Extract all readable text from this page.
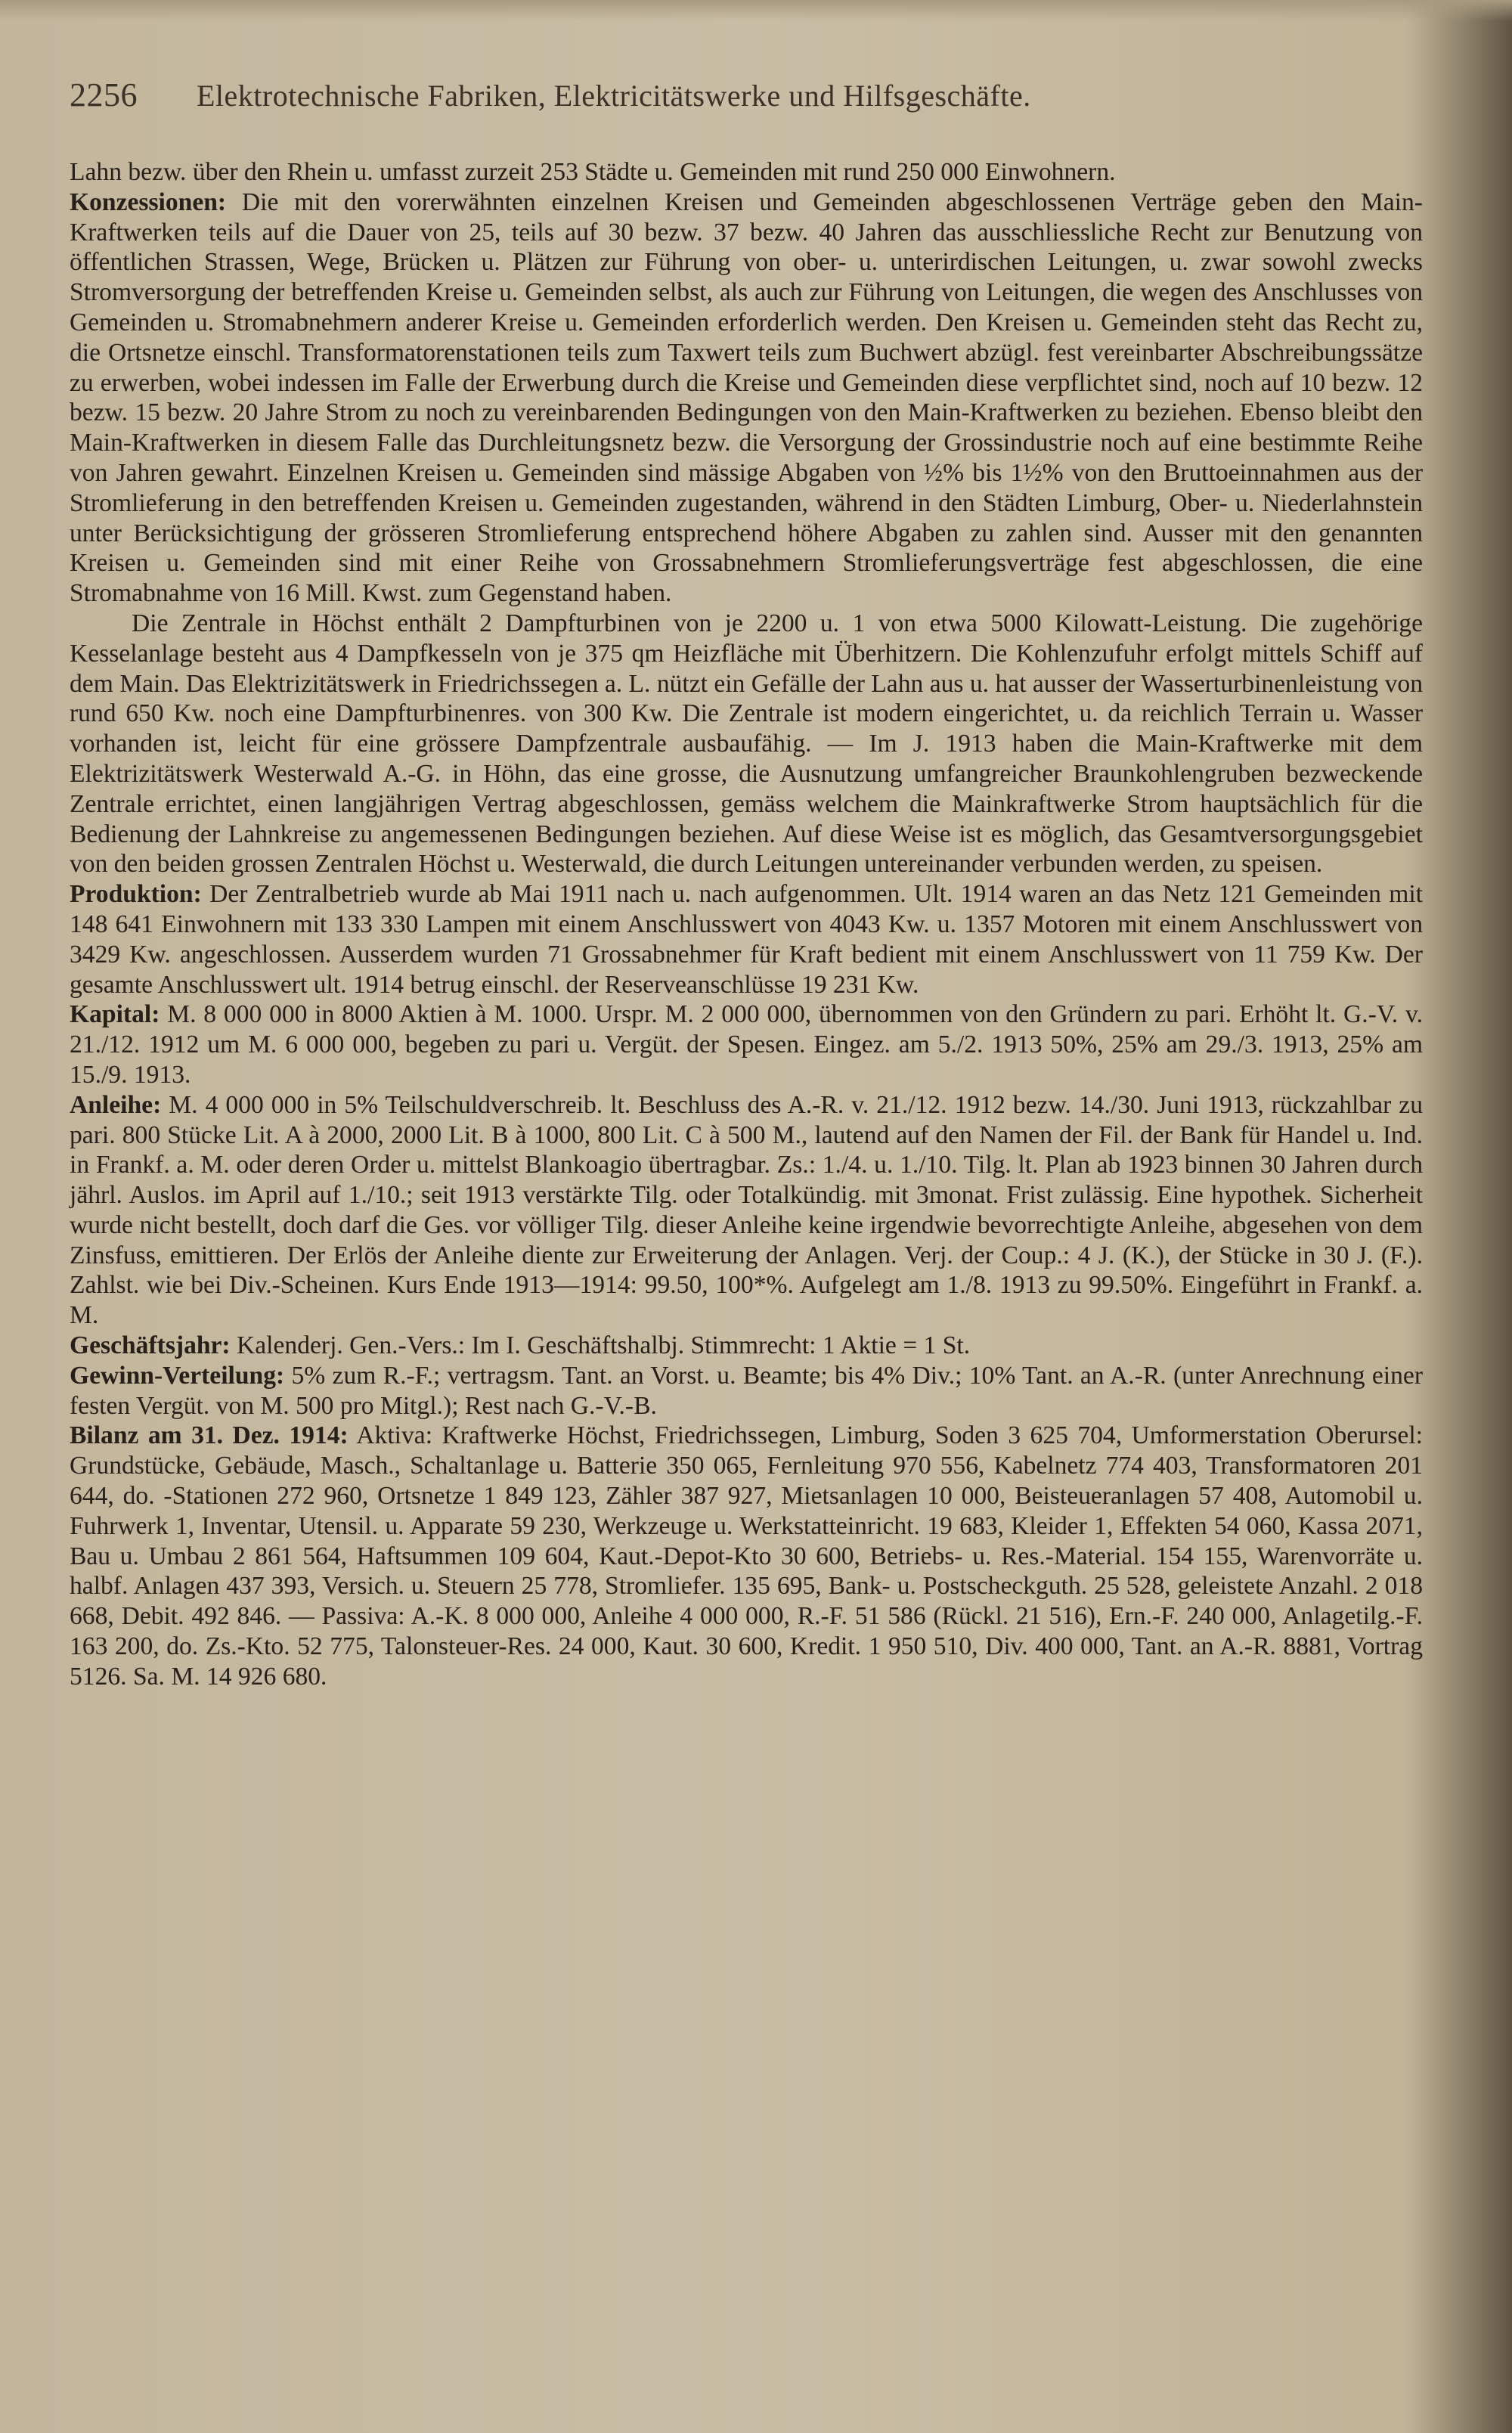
2256 Elektrotechnische Fabriken, Elektricitätswerke und Hilfsgeschäfte.

Lahn bezw. über den Rhein u. umfasst zurzeit 253 Städte u. Gemeinden mit rund 250 000 Einwohnern.

Konzessionen: Die mit den vorerwähnten einzelnen Kreisen und Gemeinden abgeschlossenen Verträge geben den Main-Kraftwerken teils auf die Dauer von 25, teils auf 30 bezw. 37 bezw. 40 Jahren das ausschliessliche Recht zur Benutzung von öffentlichen Strassen, Wege, Brücken u. Plätzen zur Führung von ober- u. unterirdischen Leitungen, u. zwar sowohl zwecks Stromversorgung der betreffenden Kreise u. Gemeinden selbst, als auch zur Führung von Leitungen, die wegen des Anschlusses von Gemeinden u. Stromabnehmern anderer Kreise u. Gemeinden erforderlich werden. Den Kreisen u. Gemeinden steht das Recht zu, die Ortsnetze einschl. Transformatorenstationen teils zum Taxwert teils zum Buchwert abzügl. fest vereinbarter Abschreibungssätze zu erwerben, wobei indessen im Falle der Erwerbung durch die Kreise und Gemeinden diese verpflichtet sind, noch auf 10 bezw. 12 bezw. 15 bezw. 20 Jahre Strom zu noch zu vereinbarenden Bedingungen von den Main-Kraftwerken zu beziehen. Ebenso bleibt den Main-Kraftwerken in diesem Falle das Durchleitungsnetz bezw. die Versorgung der Grossindustrie noch auf eine bestimmte Reihe von Jahren gewahrt. Einzelnen Kreisen u. Gemeinden sind mässige Abgaben von ½% bis 1½% von den Bruttoeinnahmen aus der Stromlieferung in den betreffenden Kreisen u. Gemeinden zugestanden, während in den Städten Limburg, Ober- u. Niederlahnstein unter Berücksichtigung der grösseren Stromlieferung entsprechend höhere Abgaben zu zahlen sind. Ausser mit den genannten Kreisen u. Gemeinden sind mit einer Reihe von Grossabnehmern Stromlieferungsverträge fest abgeschlossen, die eine Stromabnahme von 16 Mill. Kwst. zum Gegenstand haben.

Die Zentrale in Höchst enthält 2 Dampfturbinen von je 2200 u. 1 von etwa 5000 Kilowatt-Leistung. Die zugehörige Kesselanlage besteht aus 4 Dampfkesseln von je 375 qm Heizfläche mit Überhitzern. Die Kohlenzufuhr erfolgt mittels Schiff auf dem Main. Das Elektrizitätswerk in Friedrichssegen a. L. nützt ein Gefälle der Lahn aus u. hat ausser der Wasserturbinenleistung von rund 650 Kw. noch eine Dampfturbinenres. von 300 Kw. Die Zentrale ist modern eingerichtet, u. da reichlich Terrain u. Wasser vorhanden ist, leicht für eine grössere Dampfzentrale ausbaufähig. — Im J. 1913 haben die Main-Kraftwerke mit dem Elektrizitätswerk Westerwald A.-G. in Höhn, das eine grosse, die Ausnutzung umfangreicher Braunkohlengruben bezweckende Zentrale errichtet, einen langjährigen Vertrag abgeschlossen, gemäss welchem die Mainkraftwerke Strom hauptsächlich für die Bedienung der Lahnkreise zu angemessenen Bedingungen beziehen. Auf diese Weise ist es möglich, das Gesamtversorgungsgebiet von den beiden grossen Zentralen Höchst u. Westerwald, die durch Leitungen untereinander verbunden werden, zu speisen.

Produktion: Der Zentralbetrieb wurde ab Mai 1911 nach u. nach aufgenommen. Ult. 1914 waren an das Netz 121 Gemeinden mit 148 641 Einwohnern mit 133 330 Lampen mit einem Anschlusswert von 4043 Kw. u. 1357 Motoren mit einem Anschlusswert von 3429 Kw. angeschlossen. Ausserdem wurden 71 Grossabnehmer für Kraft bedient mit einem Anschlusswert von 11 759 Kw. Der gesamte Anschlusswert ult. 1914 betrug einschl. der Reserveanschlüsse 19 231 Kw.

Kapital: M. 8 000 000 in 8000 Aktien à M. 1000. Urspr. M. 2 000 000, übernommen von den Gründern zu pari. Erhöht lt. G.-V. v. 21./12. 1912 um M. 6 000 000, begeben zu pari u. Vergüt. der Spesen. Eingez. am 5./2. 1913 50%, 25% am 29./3. 1913, 25% am 15./9. 1913.

Anleihe: M. 4 000 000 in 5% Teilschuldverschreib. lt. Beschluss des A.-R. v. 21./12. 1912 bezw. 14./30. Juni 1913, rückzahlbar zu pari. 800 Stücke Lit. A à 2000, 2000 Lit. B à 1000, 800 Lit. C à 500 M., lautend auf den Namen der Fil. der Bank für Handel u. Ind. in Frankf. a. M. oder deren Order u. mittelst Blankoagio übertragbar. Zs.: 1./4. u. 1./10. Tilg. lt. Plan ab 1923 binnen 30 Jahren durch jährl. Auslos. im April auf 1./10.; seit 1913 verstärkte Tilg. oder Totalkündig. mit 3monat. Frist zulässig. Eine hypothek. Sicherheit wurde nicht bestellt, doch darf die Ges. vor völliger Tilg. dieser Anleihe keine irgendwie bevorrechtigte Anleihe, abgesehen von dem Zinsfuss, emittieren. Der Erlös der Anleihe diente zur Erweiterung der Anlagen. Verj. der Coup.: 4 J. (K.), der Stücke in 30 J. (F.). Zahlst. wie bei Div.-Scheinen. Kurs Ende 1913—1914: 99.50, 100*%. Aufgelegt am 1./8. 1913 zu 99.50%. Eingeführt in Frankf. a. M.

Geschäftsjahr: Kalenderj. Gen.-Vers.: Im I. Geschäftshalbj. Stimmrecht: 1 Aktie = 1 St.

Gewinn-Verteilung: 5% zum R.-F.; vertragsm. Tant. an Vorst. u. Beamte; bis 4% Div.; 10% Tant. an A.-R. (unter Anrechnung einer festen Vergüt. von M. 500 pro Mitgl.); Rest nach G.-V.-B.

Bilanz am 31. Dez. 1914: Aktiva: Kraftwerke Höchst, Friedrichssegen, Limburg, Soden 3 625 704, Umformerstation Oberursel: Grundstücke, Gebäude, Masch., Schaltanlage u. Batterie 350 065, Fernleitung 970 556, Kabelnetz 774 403, Transformatoren 201 644, do. -Stationen 272 960, Ortsnetze 1 849 123, Zähler 387 927, Mietsanlagen 10 000, Beisteueranlagen 57 408, Automobil u. Fuhrwerk 1, Inventar, Utensil. u. Apparate 59 230, Werkzeuge u. Werkstatteinricht. 19 683, Kleider 1, Effekten 54 060, Kassa 2071, Bau u. Umbau 2 861 564, Haftsummen 109 604, Kaut.-Depot-Kto 30 600, Betriebs- u. Res.-Material. 154 155, Warenvorräte u. halbf. Anlagen 437 393, Versich. u. Steuern 25 778, Stromliefer. 135 695, Bank- u. Postscheckguth. 25 528, geleistete Anzahl. 2 018 668, Debit. 492 846. — Passiva: A.-K. 8 000 000, Anleihe 4 000 000, R.-F. 51 586 (Rückl. 21 516), Ern.-F. 240 000, Anlagetilg.-F. 163 200, do. Zs.-Kto. 52 775, Talonsteuer-Res. 24 000, Kaut. 30 600, Kredit. 1 950 510, Div. 400 000, Tant. an A.-R. 8881, Vortrag 5126. Sa. M. 14 926 680.
